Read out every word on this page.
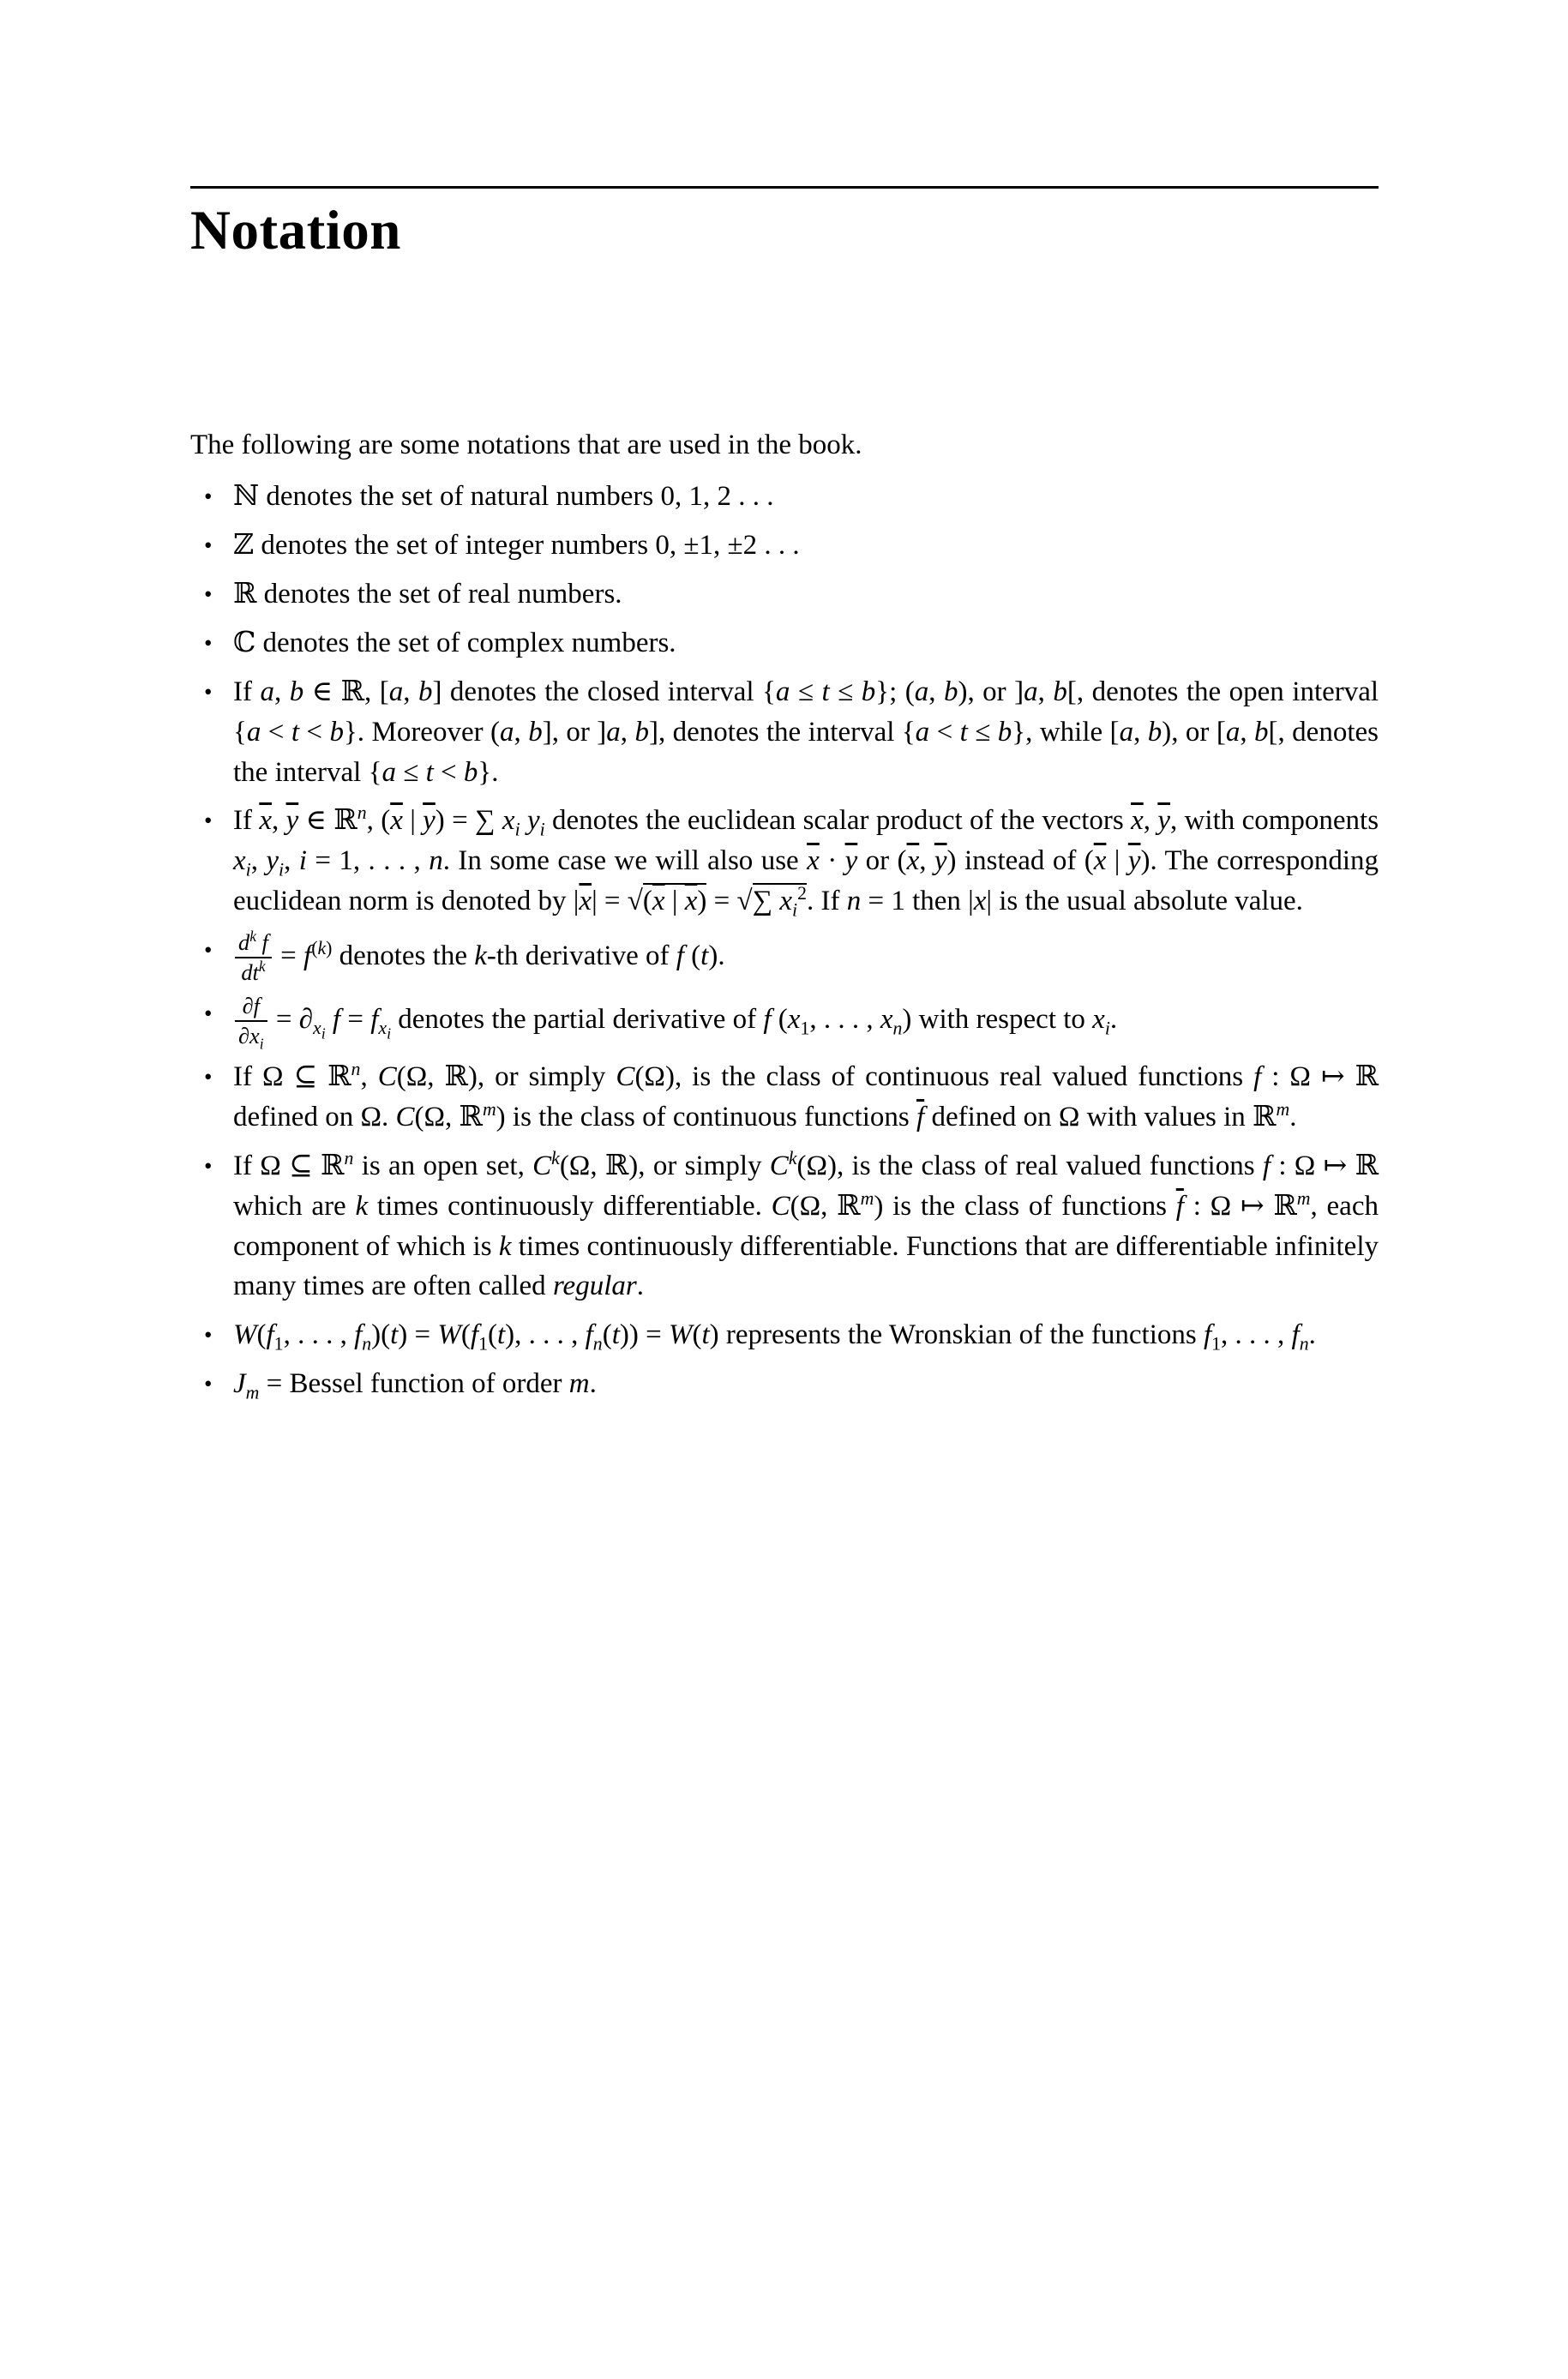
Notation

The following are some notations that are used in the book.

• ℕ denotes the set of natural numbers 0, 1, 2 . . .
• ℤ denotes the set of integer numbers 0, ±1, ±2 . . .
• ℝ denotes the set of real numbers.
• ℂ denotes the set of complex numbers.
• If a, b ∈ ℝ, [a, b] denotes the closed interval {a ≤ t ≤ b}; (a, b), or ]a, b[, denotes the open interval {a < t < b}. Moreover (a, b], or ]a, b], denotes the interval {a < t ≤ b}, while [a, b), or [a, b[, denotes the interval {a ≤ t < b}.
• If $\overline{x}$, $\overline{y}$ ∈ ℝ$^n$, ($\overline{x}$ | $\overline{y}$) = ∑ $x_i$ $y_i$ denotes the euclidean scalar product of the vectors $\overline{x}$, $\overline{y}$, with components $x_i$, $y_i$, i = 1, . . . , n. In some case we will also use $\overline{x} \cdot \overline{y}$ or ($\overline{x}$, $\overline{y}$) instead of ($\overline{x}$ | $\overline{y}$). The corresponding euclidean norm is denoted by $|\overline{x}| = √(\overline{x}$ | $\overline{x}$) = √∑ $x_i^2$. If n = 1 then |x| is the usual absolute value.
• $\frac{d^k f}{dt^k} = f^{(k)}$ denotes the k-th derivative of f (t).
• $\frac{\partial f}{\partial x_i} = \partial_{x_i}$ $f = f_{x_i}$ denotes the partial derivative of f ($x_1$, . . . , $x_n$) with respect to $x_i$.
• If Ω ⊆ ℝ$^n$, C(Ω, ℝ), or simply C(Ω), is the class of continuous real valued functions f : Ω ↦ ℝ defined on Ω. C(Ω, ℝ$^m$) is the class of continuous functions $\overline{f}$ defined on Ω with values in ℝ$^m$.
• If Ω ⊆ ℝ$^n$ is an open set, $C^k(\Omega$, ℝ), or simply $C^k(\Omega)$, is the class of real valued functions f : Ω ↦ ℝ which are k times continuously differentiable. C(Ω, ℝ$^m$) is the class of functions $\overline{f}$ : Ω ↦ ℝ$^m$, each component of which is k times continuously differentiable. Functions that are differentiable infinitely many times are often called regular.
• $W(f_1$, . . . , $f_n)(t) = W(f_1(t)$, . . . , $f_n(t)) = W(t)$ represents the Wronskian of the functions $f_1$, . . . , $f_n$.
• $J_m$ = Bessel function of order m.
